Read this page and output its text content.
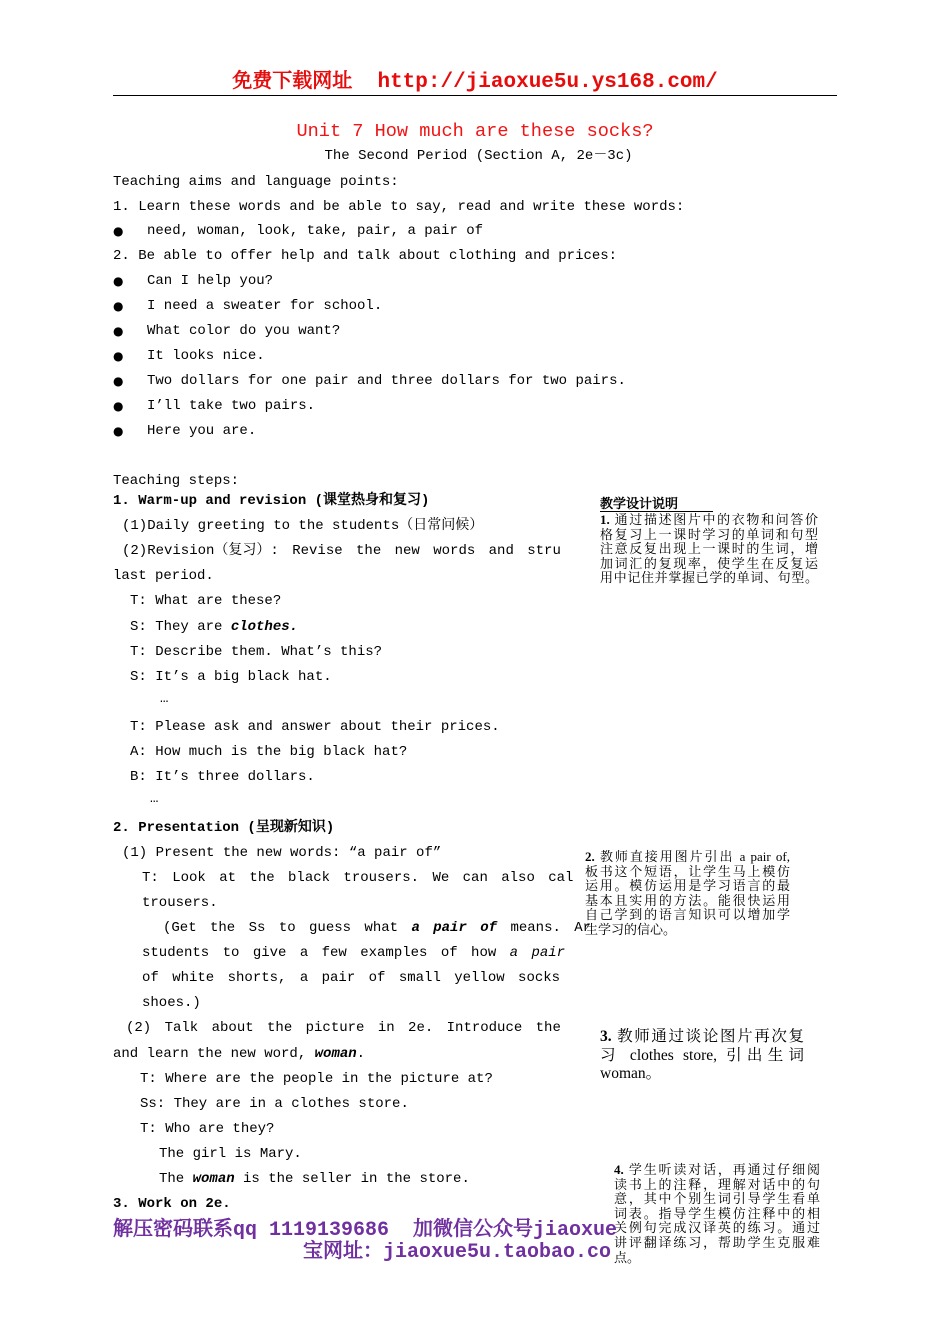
免费下载网址 http://jiaoxue5u.ys168.com/
Unit 7 How much are these socks?
The Second Period (Section A, 2e－3c)
Teaching aims and language points:
1. Learn these words and be able to say, read and write these words:
● need, woman, look, take, pair, a pair of
2. Be able to offer help and talk about clothing and prices:
● Can I help you?
● I need a sweater for school.
● What color do you want?
● It looks nice.
● Two dollars for one pair and three dollars for two pairs.
● I’ll take two pairs.
● Here you are.
Teaching steps:
1. Warm-up and revision (课堂热身和复习)
(1)Daily greeting to the students（日常问候）
(2)Revision（复习）: Revise the new words and stru
last period.
T: What are these?
S: They are clothes.
T: Describe them. What’s this?
S: It’s a big black hat.
…
T: Please ask and answer about their prices.
A: How much is the big black hat?
B: It’s three dollars.
…
2. Presentation (呈现新知识)
(1) Present the new words: “a pair of”
T: Look at the black trousers. We can also cal
trousers.
(Get the Ss to guess what a pair of means. Ar
students to give a few examples of how a pair
of white shorts, a pair of small yellow socks
shoes.)
(2) Talk about the picture in 2e. Introduce the
and learn the new word, woman.
T: Where are the people in the picture at?
Ss: They are in a clothes store.
T: Who are they?
The girl is Mary.
The woman is the seller in the store.
3. Work on 2e.
教学设计说明
1. 通过描述图片中的衣物和问答价
格复习上一课时学习的单词和句型
注意反复出现上一课时的生词，增
加词汇的复现率，使学生在反复运
用中记住并掌握已学的单词、句型。
2. 教师直接用图片引出 a pair of,
板书这个短语，让学生马上模仿
运用。模仿运用是学习语言的最
基本且实用的方法。能很快运用
自己学到的语言知识可以增加学
生学习的信心。
3. 教师通过谈论图片再次复
习 clothes store, 引出生词
woman。
4. 学生听读对话，再通过仔细阅
读书上的注释，理解对话中的句
意，其中个别生词引导学生看单
词表。指导学生模仿注释中的相
关例句完成汉译英的练习。通过
讲评翻译练习，帮助学生克服难
点。
解压密码联系qq 1119139686  加微信公众号jiaoxue
宝网址：jiaoxue5u.taobao.co
